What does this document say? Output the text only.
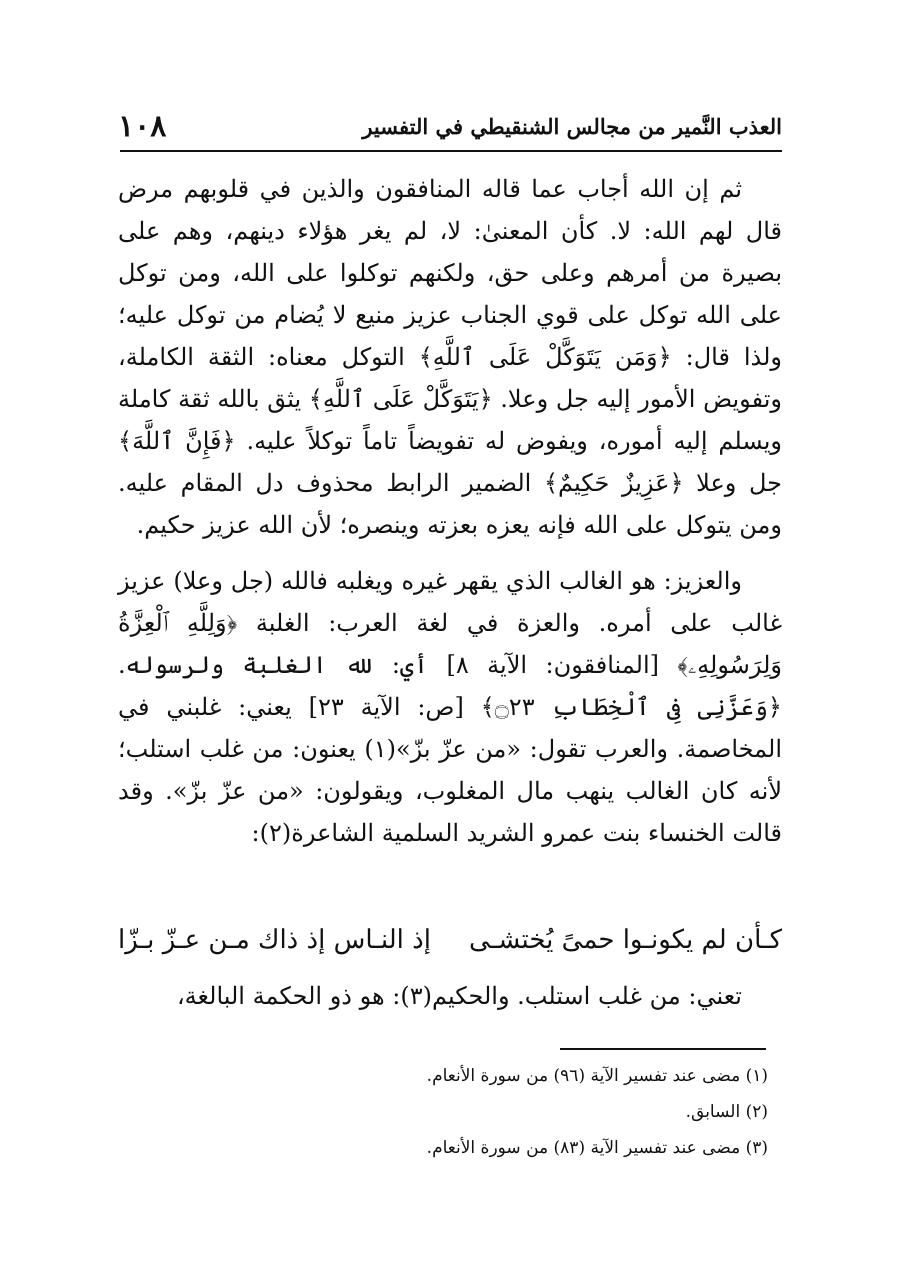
العذب النَّمير من مجالس الشنقيطي في التفسير
١٠٨

ثم إن الله أجاب عما قاله المنافقون والذين في قلوبهم مرض قال لهم الله: لا. كأن المعنىٰ: لا، لم يغر هؤلاء دينهم، وهم على بصيرة من أمرهم وعلى حق، ولكنهم توكلوا على الله، ومن توكل على الله توكل على قوي الجناب عزيز منيع لا يُضام من توكل عليه؛ ولذا قال: ﴿وَمَن يَتَوَكَّلْ عَلَى ٱللَّهِ﴾ التوكل معناه: الثقة الكاملة، وتفويض الأمور إليه جل وعلا. ﴿يَتَوَكَّلْ عَلَى ٱللَّهِ﴾ يثق بالله ثقة كاملة ويسلم إليه أموره، ويفوض له تفويضاً تاماً توكلاً عليه. ﴿فَإِنَّ ٱللَّهَ﴾ جل وعلا ﴿عَزِيزٌ حَكِيمٌ﴾ الضمير الرابط محذوف دل المقام عليه. ومن يتوكل على الله فإنه يعزه بعزته وينصره؛ لأن الله عزيز حكيم.

والعزيز: هو الغالب الذي يقهر غيره ويغلبه فالله (جل وعلا) عزيز غالب على أمره. والعزة في لغة العرب: الغلبة ﴿وَلِلَّهِ ٱلْعِزَّةُ وَلِرَسُولِهِۦ﴾ [المنافقون: الآية ٨] أي: لله الغلبة ولرسوله. ﴿وَعَزَّنِى فِى ٱلْخِطَابِ ۝٢٣﴾ [ص: الآية ٢٣] يعني: غلبني في المخاصمة. والعرب تقول: «من عزّ بزّ»(١) يعنون: من غلب استلب؛ لأنه كان الغالب ينهب مال المغلوب، ويقولون: «من عزّ بزّ». وقد قالت الخنساء بنت عمرو الشريد السلمية الشاعرة(٢):

كـأن لم يكونـوا حمىً يُختشـى
إذ النـاس إذ ذاك مـن عـزّ بـزّا
تعني: من غلب استلب. والحكيم(٣): هو ذو الحكمة البالغة،
(١) مضى عند تفسير الآية (٩٦) من سورة الأنعام.
(٢) السابق.
(٣) مضى عند تفسير الآية (٨٣) من سورة الأنعام.
